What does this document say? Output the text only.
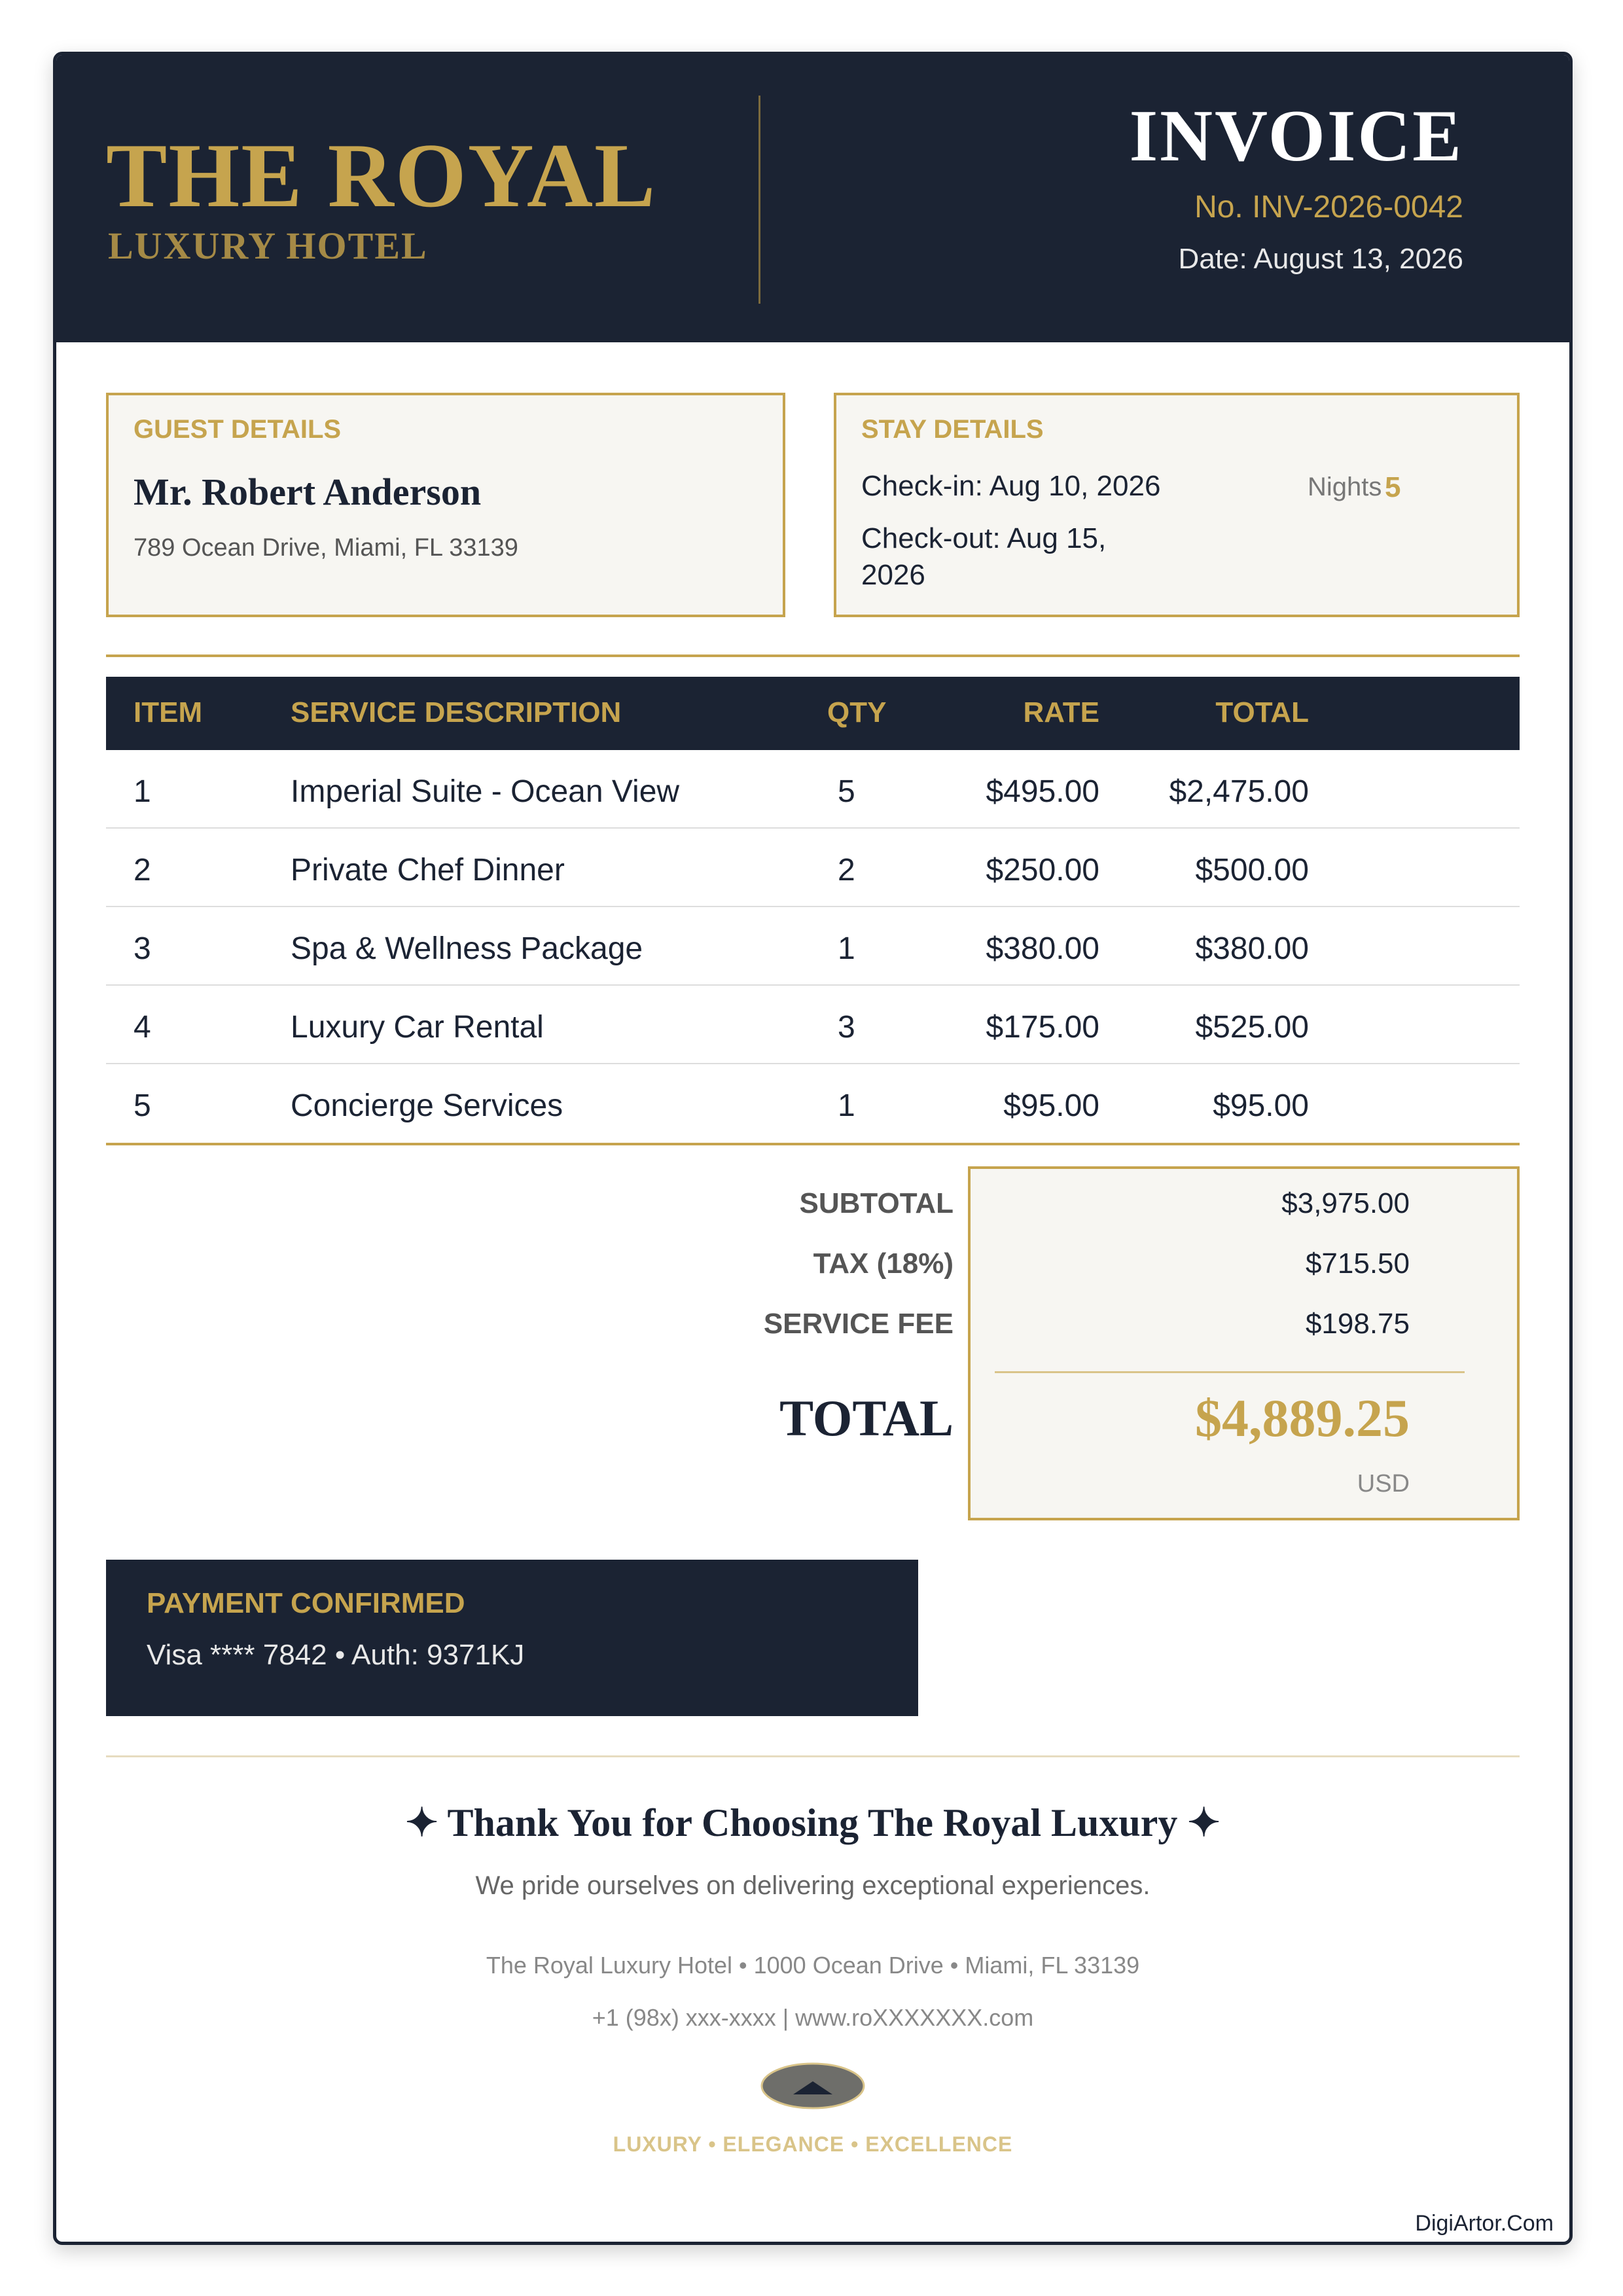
THE ROYAL
LUXURY HOTEL
INVOICE
No. INV-2026-0042
Date: August 13, 2026
GUEST DETAILS
Mr. Robert Anderson
789 Ocean Drive, Miami, FL 33139
STAY DETAILS
Check-in: Aug 10, 2026
Check-out: Aug 15,
2026
Nights 5
ITEM	SERVICE DESCRIPTION	QTY	RATE	TOTAL
1	Imperial Suite - Ocean View	5	$495.00 $2,475.00
2	Private Chef Dinner	2	$250.00	$500.00
3	Spa & Wellness Package	1	$380.00	$380.00
4	Luxury Car Rental	3	$175.00	$525.00
5	Concierge Services	1	$95.00	$95.00
SUBTOTAL	$3,975.00
TAX (18%)	$715.50
SERVICE FEE	$198.75
TOTAL	$4,889.25
USD
PAYMENT CONFIRMED
Visa **** 7842 • Auth: 9371KJ
✦ Thank You for Choosing The Royal Luxury ✦
We pride ourselves on delivering exceptional experiences.
The Royal Luxury Hotel • 1000 Ocean Drive • Miami, FL 33139
+1 (98x) xxx-xxxx | www.roXXXXXXX.com
LUXURY • ELEGANCE • EXCELLENCE
DigiArtor.Com
